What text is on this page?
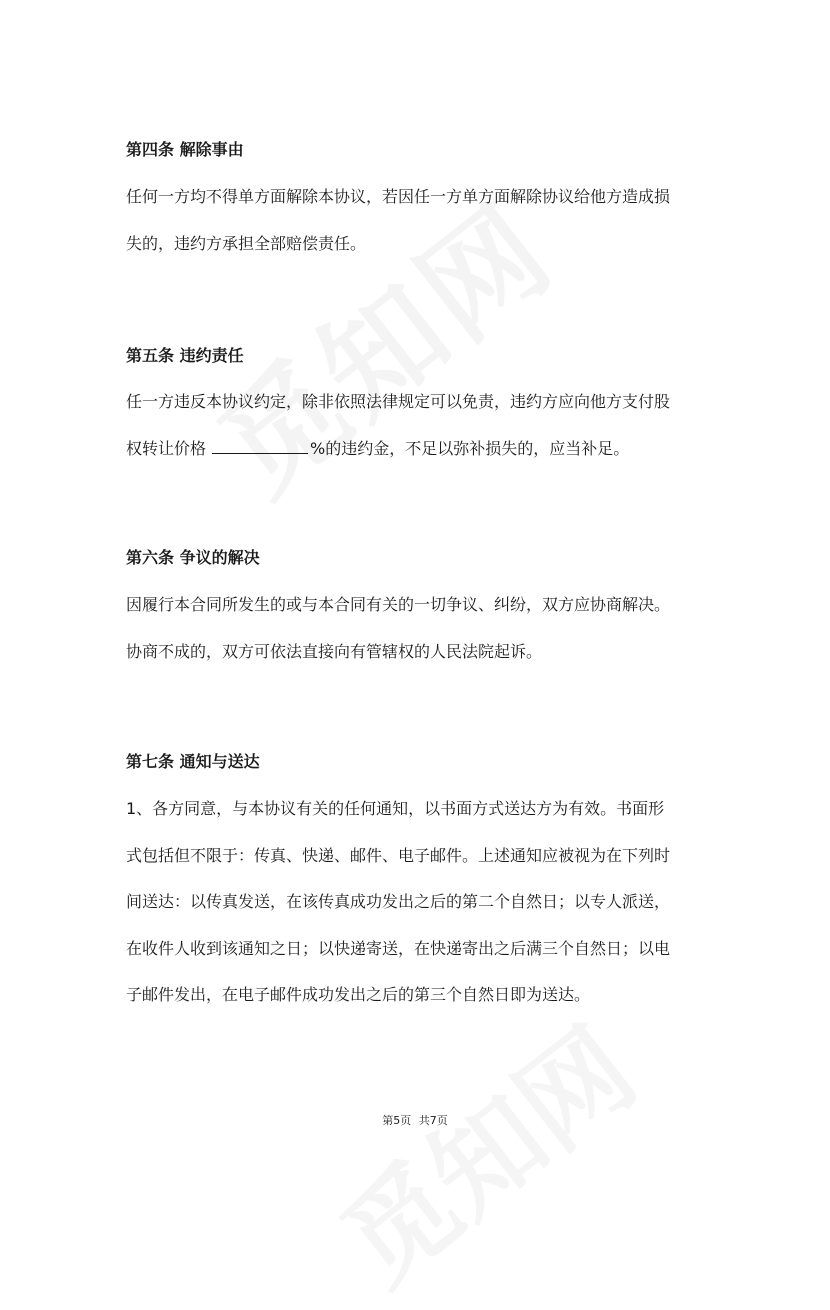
第四条 解除事由
任何一方均不得单方面解除本协议，若因任一方单方面解除协议给他方造成损
失的，违约方承担全部赔偿责任。
第五条 违约责任
任一方违反本协议约定，除非依照法律规定可以免责，违约方应向他方支付股
权转让价格	%的违约金，不足以弥补损失的，应当补足。
第六条 争议的解决
因履行本合同所发生的或与本合同有关的一切争议、纠纷，双方应协商解决。
协商不成的，双方可依法直接向有管辖权的人民法院起诉。
第七条 通知与送达
1、各方同意，与本协议有关的任何通知，以书面方式送达方为有效。书面形
式包括但不限于：传真、快递、邮件、电子邮件。上述通知应被视为在下列时
间送达：以传真发送，在该传真成功发出之后的第二个自然日；以专人派送，
在收件人收到该通知之日；以快递寄送，在快递寄出之后满三个自然日；以电
子邮件发出，在电子邮件成功发出之后的第三个自然日即为送达。
第5页 共7页
